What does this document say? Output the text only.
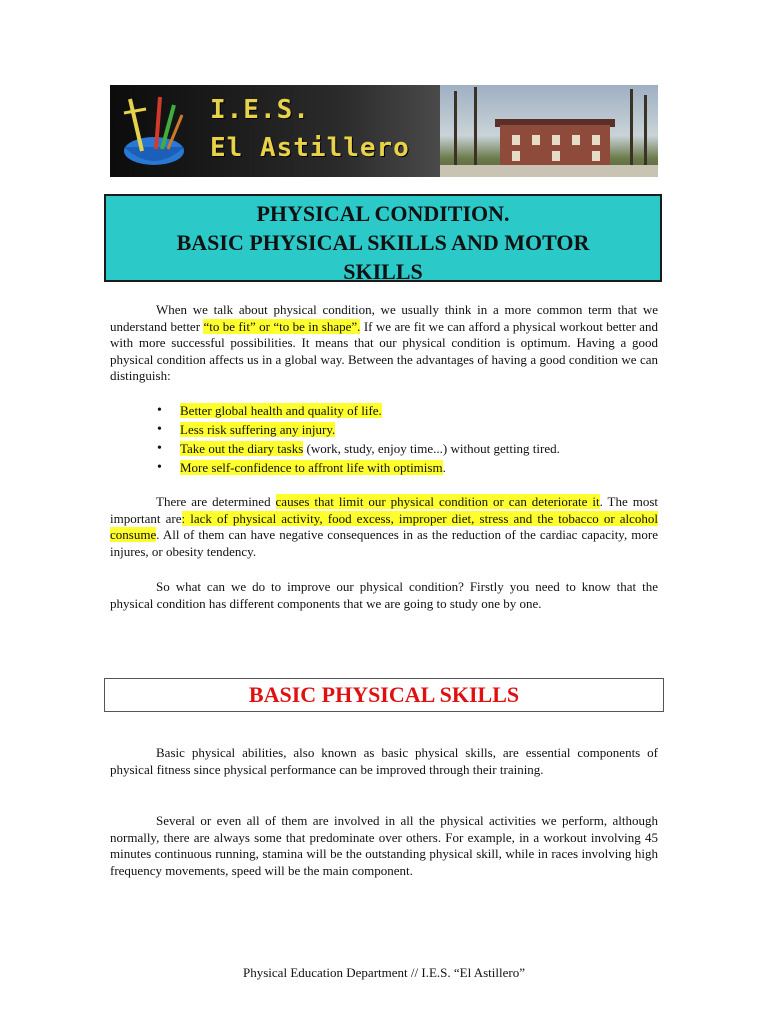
I.E.S.
El Astillero
PHYSICAL CONDITION.
BASIC PHYSICAL SKILLS AND MOTOR
SKILLS

When we talk about physical condition, we usually think in a more common term that we understand better “to be fit” or “to be in shape”. If we are fit we can afford a physical workout better and with more successful possibilities. It means that our physical condition is optimum. Having a good physical condition affects us in a global way. Between the advantages of having a good condition we can distinguish:

• Better global health and quality of life.
• Less risk suffering any injury.
• Take out the diary tasks (work, study, enjoy time...) without getting tired.
• More self-confidence to affront life with optimism.

There are determined causes that limit our physical condition or can deteriorate it. The most important are: lack of physical activity, food excess, improper diet, stress and the tobacco or alcohol consume. All of them can have negative consequences in as the reduction of the cardiac capacity, more injures, or obesity tendency.

So what can we do to improve our physical condition? Firstly you need to know that the physical condition has different components that we are going to study one by one.

BASIC PHYSICAL SKILLS

Basic physical abilities, also known as basic physical skills, are essential components of physical fitness since physical performance can be improved through their training.

Several or even all of them are involved in all the physical activities we perform, although normally, there are always some that predominate over others. For example, in a workout involving 45 minutes continuous running, stamina will be the outstanding physical skill, while in races involving high frequency movements, speed will be the main component.

Physical Education Department // I.E.S. “El Astillero”
